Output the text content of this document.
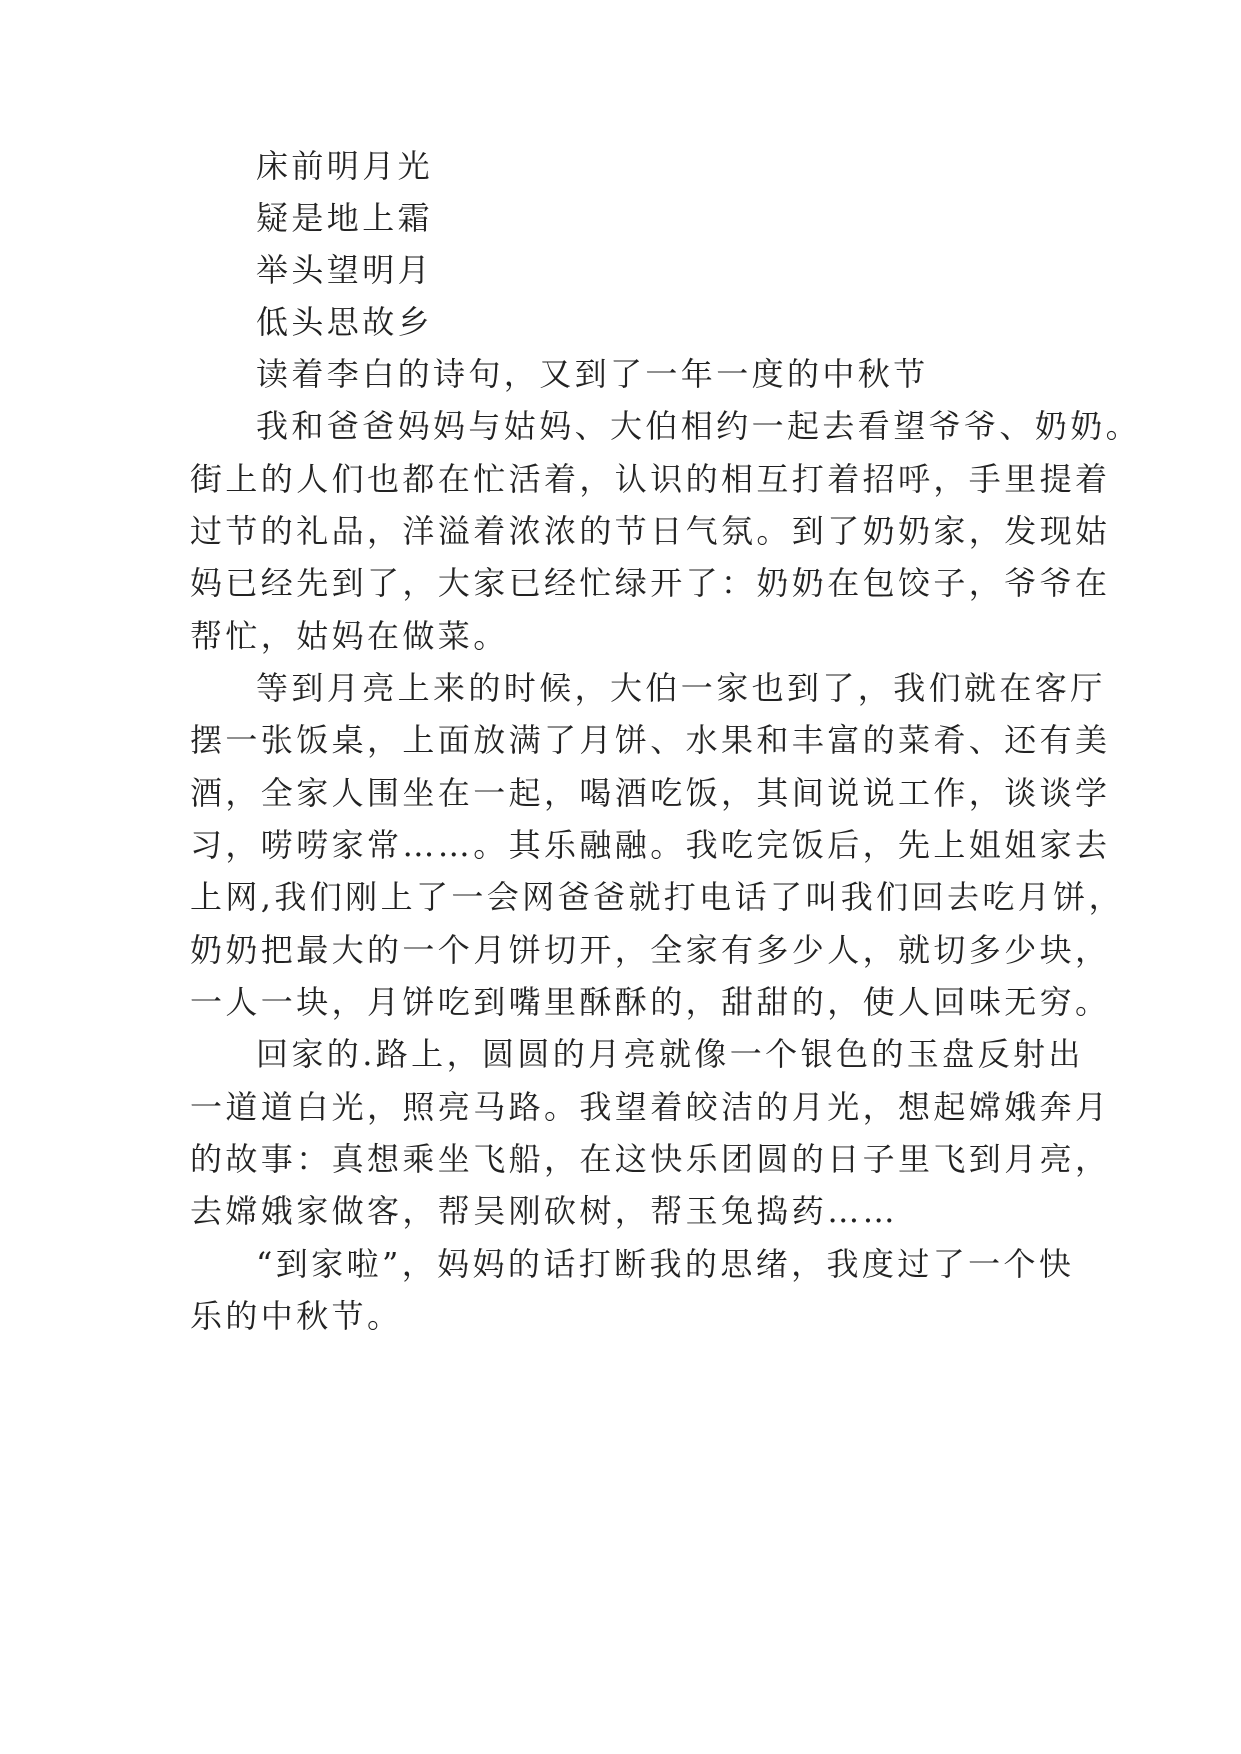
床前明月光
疑是地上霜
举头望明月
低头思故乡
读着李白的诗句，又到了一年一度的中秋节
我和爸爸妈妈与姑妈、大伯相约一起去看望爷爷、奶奶。
街上的人们也都在忙活着，认识的相互打着招呼，手里提着
过节的礼品，洋溢着浓浓的节日气氛。到了奶奶家，发现姑
妈已经先到了，大家已经忙绿开了：奶奶在包饺子，爷爷在
帮忙，姑妈在做菜。
等到月亮上来的时候，大伯一家也到了，我们就在客厅
摆一张饭桌，上面放满了月饼、水果和丰富的菜肴、还有美
酒，全家人围坐在一起，喝酒吃饭，其间说说工作，谈谈学
习，唠唠家常……。其乐融融。我吃完饭后，先上姐姐家去
上网,我们刚上了一会网爸爸就打电话了叫我们回去吃月饼，
奶奶把最大的一个月饼切开，全家有多少人，就切多少块，
一人一块，月饼吃到嘴里酥酥的，甜甜的，使人回味无穷。
回家的.路上，圆圆的月亮就像一个银色的玉盘反射出
一道道白光，照亮马路。我望着皎洁的月光，想起嫦娥奔月
的故事：真想乘坐飞船，在这快乐团圆的日子里飞到月亮，
去嫦娥家做客，帮吴刚砍树，帮玉兔捣药……
“到家啦”，妈妈的话打断我的思绪，我度过了一个快
乐的中秋节。
